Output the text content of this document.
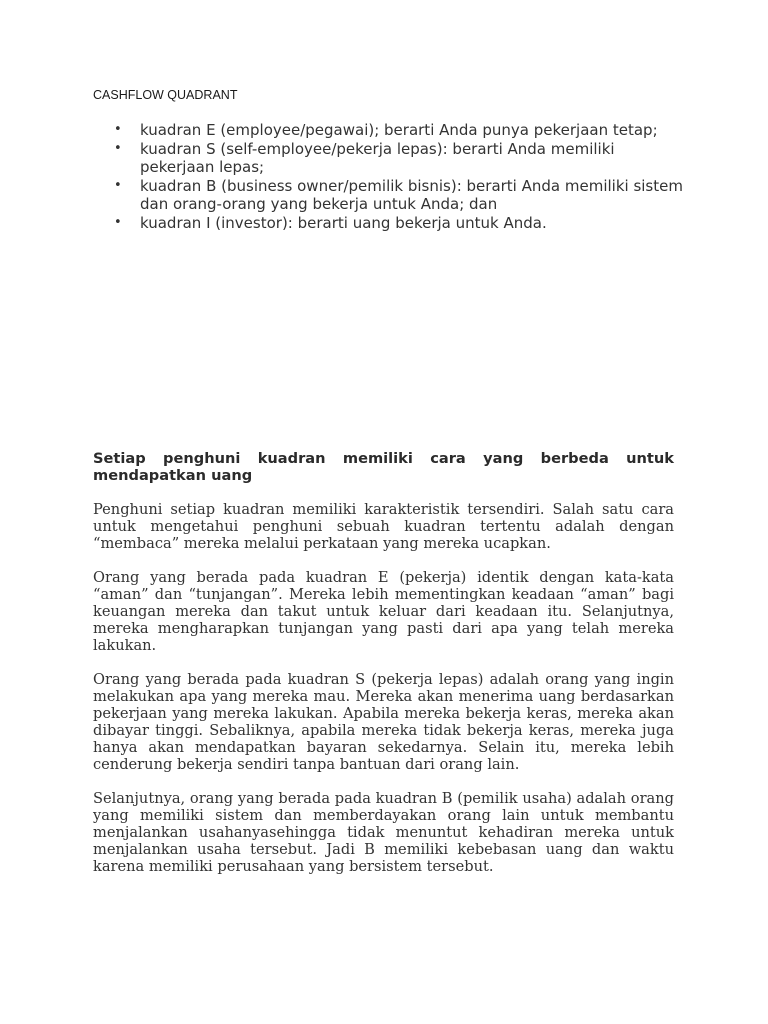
CASHFLOW QUADRANT
• kuadran E (employee/pegawai); berarti Anda punya pekerjaan tetap;
• kuadran S (self-employee/pekerja lepas): berarti Anda memiliki pekerjaan lepas;
• kuadran B (business owner/pemilik bisnis): berarti Anda memiliki sistem dan orang-orang yang bekerja untuk Anda; dan
• kuadran I (investor): berarti uang bekerja untuk Anda.
Setiap penghuni kuadran memiliki cara yang berbeda untuk mendapatkan uang

Penghuni setiap kuadran memiliki karakteristik tersendiri. Salah satu cara untuk mengetahui penghuni sebuah kuadran tertentu adalah dengan “membaca” mereka melalui perkataan yang mereka ucapkan.

Orang yang berada pada kuadran E (pekerja) identik dengan kata-kata “aman” dan “tunjangan”. Mereka lebih mementingkan keadaan “aman” bagi keuangan mereka dan takut untuk keluar dari keadaan itu. Selanjutnya, mereka mengharapkan tunjangan yang pasti dari apa yang telah mereka lakukan.

Orang yang berada pada kuadran S (pekerja lepas) adalah orang yang ingin melakukan apa yang mereka mau. Mereka akan menerima uang berdasarkan pekerjaan yang mereka lakukan. Apabila mereka bekerja keras, mereka akan dibayar tinggi. Sebaliknya, apabila mereka tidak bekerja keras, mereka juga hanya akan mendapatkan bayaran sekedarnya. Selain itu, mereka lebih cenderung bekerja sendiri tanpa bantuan dari orang lain.

Selanjutnya, orang yang berada pada kuadran B (pemilik usaha) adalah orang yang memiliki sistem dan memberdayakan orang lain untuk membantu menjalankan usahanyasehingga tidak menuntut kehadiran mereka untuk menjalankan usaha tersebut. Jadi B memiliki kebebasan uang dan waktu karena memiliki perusahaan yang bersistem tersebut.
